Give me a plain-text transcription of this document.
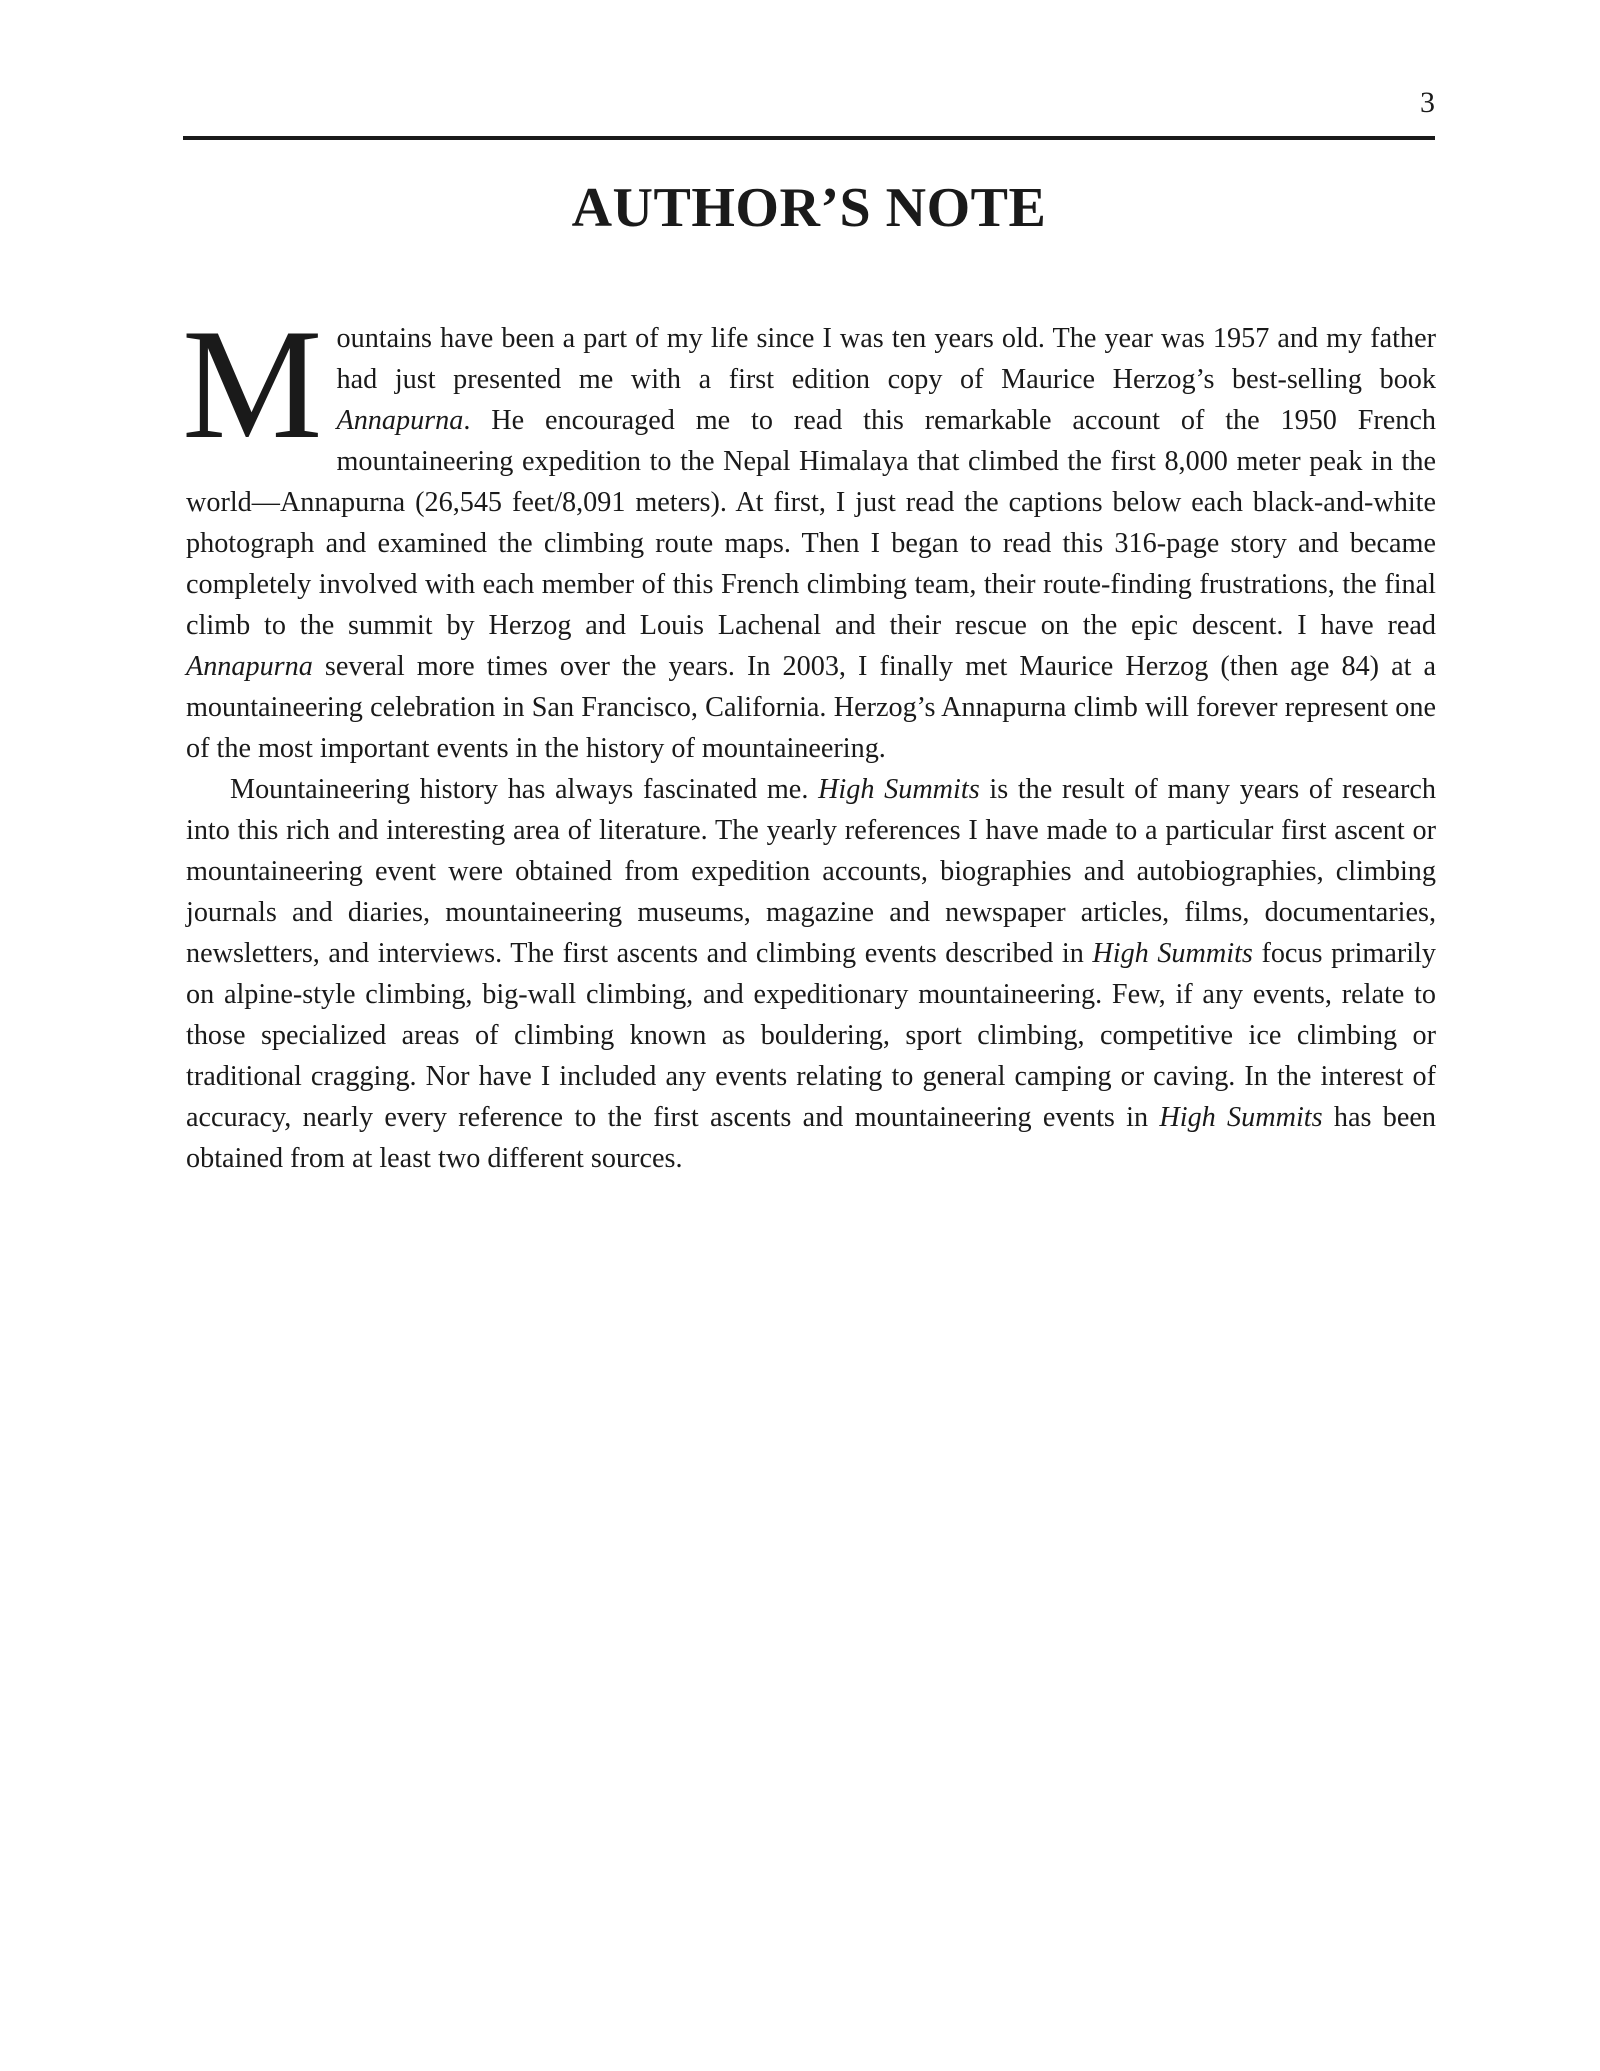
3
AUTHOR’S NOTE

Mountains have been a part of my life since I was ten years old. The year was 1957 and my father had just presented me with a first edition copy of Maurice Herzog’s best-selling book Annapurna. He encouraged me to read this remarkable account of the 1950 French mountaineering expedition to the Nepal Himalaya that climbed the first 8,000 meter peak in the world—Annapurna (26,545 feet/8,091 meters). At first, I just read the captions below each black-and-white photograph and examined the climbing route maps. Then I began to read this 316-page story and became completely involved with each member of this French climbing team, their route-finding frustrations, the final climb to the summit by Herzog and Louis Lachenal and their rescue on the epic descent. I have read Annapurna several more times over the years. In 2003, I finally met Maurice Herzog (then age 84) at a mountaineering celebration in San Francisco, California. Herzog’s Annapurna climb will forever represent one of the most important events in the history of mountaineering.

Mountaineering history has always fascinated me. High Summits is the result of many years of research into this rich and interesting area of literature. The yearly references I have made to a particular first ascent or mountaineering event were obtained from expedition accounts, biographies and autobiographies, climbing journals and diaries, mountaineering museums, magazine and newspaper articles, films, documentaries, newsletters, and interviews. The first ascents and climbing events described in High Summits focus primarily on alpine-style climbing, big-wall climbing, and expeditionary mountaineering. Few, if any events, relate to those specialized areas of climbing known as bouldering, sport climbing, competitive ice climbing or traditional cragging. Nor have I included any events relating to general camping or caving. In the interest of accuracy, nearly every reference to the first ascents and mountaineering events in High Summits has been obtained from at least two different sources.
